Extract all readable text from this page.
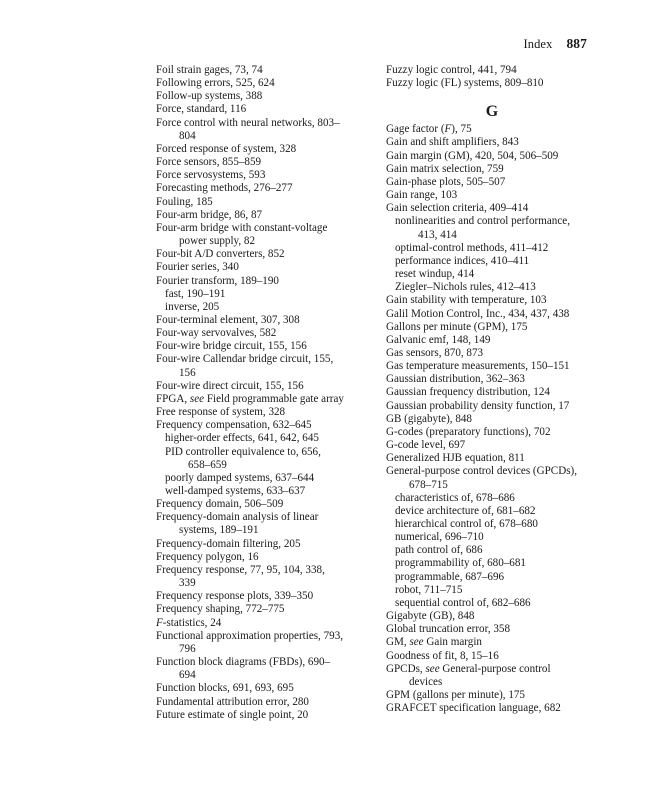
Index 887
Foil strain gages, 73, 74
Following errors, 525, 624
Follow-up systems, 388
Force, standard, 116
Force control with neural networks, 803–
804
Forced response of system, 328
Force sensors, 855–859
Force servosystems, 593
Forecasting methods, 276–277
Fouling, 185
Four-arm bridge, 86, 87
Four-arm bridge with constant-voltage
power supply, 82
Four-bit A/D converters, 852
Fourier series, 340
Fourier transform, 189–190
fast, 190–191
inverse, 205
Four-terminal element, 307, 308
Four-way servovalves, 582
Four-wire bridge circuit, 155, 156
Four-wire Callendar bridge circuit, 155,
156
Four-wire direct circuit, 155, 156
FPGA, see Field programmable gate array
Free response of system, 328
Frequency compensation, 632–645
higher-order effects, 641, 642, 645
PID controller equivalence to, 656,
658–659
poorly damped systems, 637–644
well-damped systems, 633–637
Frequency domain, 506–509
Frequency-domain analysis of linear
systems, 189–191
Frequency-domain filtering, 205
Frequency polygon, 16
Frequency response, 77, 95, 104, 338,
339
Frequency response plots, 339–350
Frequency shaping, 772–775
F-statistics, 24
Functional approximation properties, 793,
796
Function block diagrams (FBDs), 690–
694
Function blocks, 691, 693, 695
Fundamental attribution error, 280
Future estimate of single point, 20
Fuzzy logic control, 441, 794
Fuzzy logic (FL) systems, 809–810
G
Gage factor (F), 75
Gain and shift amplifiers, 843
Gain margin (GM), 420, 504, 506–509
Gain matrix selection, 759
Gain-phase plots, 505–507
Gain range, 103
Gain selection criteria, 409–414
nonlinearities and control performance,
413, 414
optimal-control methods, 411–412
performance indices, 410–411
reset windup, 414
Ziegler–Nichols rules, 412–413
Gain stability with temperature, 103
Galil Motion Control, Inc., 434, 437, 438
Gallons per minute (GPM), 175
Galvanic emf, 148, 149
Gas sensors, 870, 873
Gas temperature measurements, 150–151
Gaussian distribution, 362–363
Gaussian frequency distribution, 124
Gaussian probability density function, 17
GB (gigabyte), 848
G-codes (preparatory functions), 702
G-code level, 697
Generalized HJB equation, 811
General-purpose control devices (GPCDs),
678–715
characteristics of, 678–686
device architecture of, 681–682
hierarchical control of, 678–680
numerical, 696–710
path control of, 686
programmability of, 680–681
programmable, 687–696
robot, 711–715
sequential control of, 682–686
Gigabyte (GB), 848
Global truncation error, 358
GM, see Gain margin
Goodness of fit, 8, 15–16
GPCDs, see General-purpose control
devices
GPM (gallons per minute), 175
GRAFCET specification language, 682
